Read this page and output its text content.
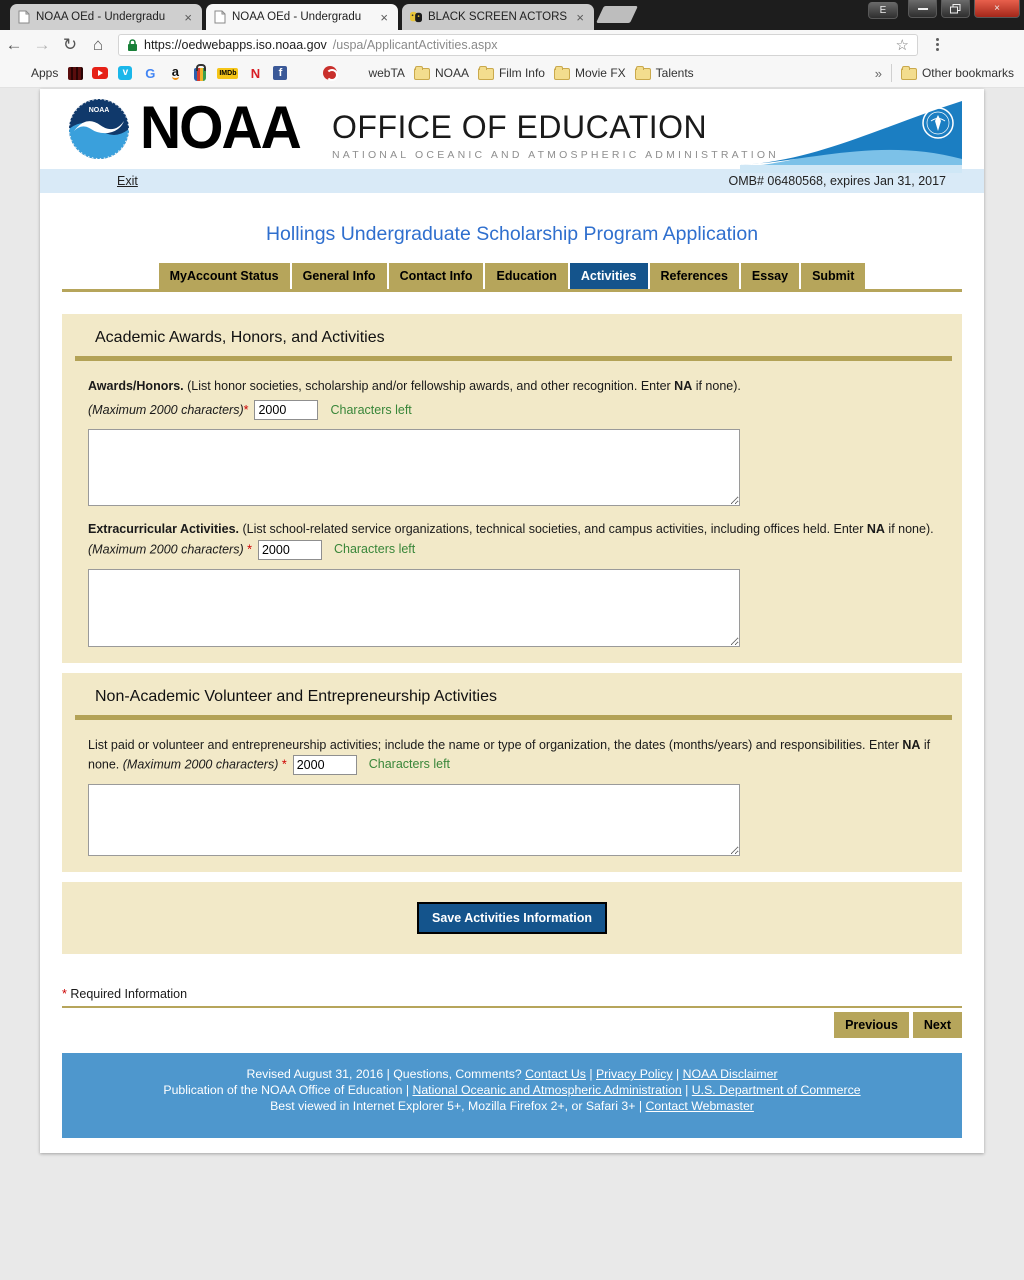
NOAA OEd - Undergradu	×	NOAA OEd - Undergradu	×	BLACK SCREEN ACTORS ×	E	×
← → ↻ ⌂	https://oedwebapps.iso.noaa.gov /uspa/ApplicantActivities.aspx	☆
Apps	v	G a	IMDb N	f	webTA	NOAA	Film Info	Movie FX	Talents	»	Other bookmarks
NOAA NOAA OFFICE OF EDUCATION
NATIONAL OCEANIC AND ATMOSPHERIC ADMINISTRATION
Exit	OMB# 06480568, expires Jan 31, 2017
Hollings Undergraduate Scholarship Program Application
MyAccount Status	General Info	Contact Info	Education	Activities	References	Essay	Submit
Academic Awards, Honors, and Activities
Awards/Honors. (List honor societies, scholarship and/or fellowship awards, and other recognition. Enter NA if none).
(Maximum 2000 characters) *
2000	Characters left
Extracurricular Activities. (List school-related service organizations, technical societies, and campus activities, including offices held. Enter NA if none). (Maximum 2000 characters) *2000	Characters left
Non-Academic Volunteer and Entrepreneurship Activities
List paid or volunteer and entrepreneurship activities; include the name or type of organization, the dates (months/years) and responsibilities. Enter NA if none. (Maximum 2000 characters) *2000	Characters left
Save Activities Information
* Required Information
Previous	Next
Revised August 31, 2016 | Questions, Comments? Contact Us | Privacy Policy | NOAA Disclaimer
Publication of the NOAA Office of Education | National Oceanic and Atmospheric Administration | U.S. Department of Commerce
Best viewed in Internet Explorer 5+, Mozilla Firefox 2+, or Safari 3+ | Contact Webmaster
